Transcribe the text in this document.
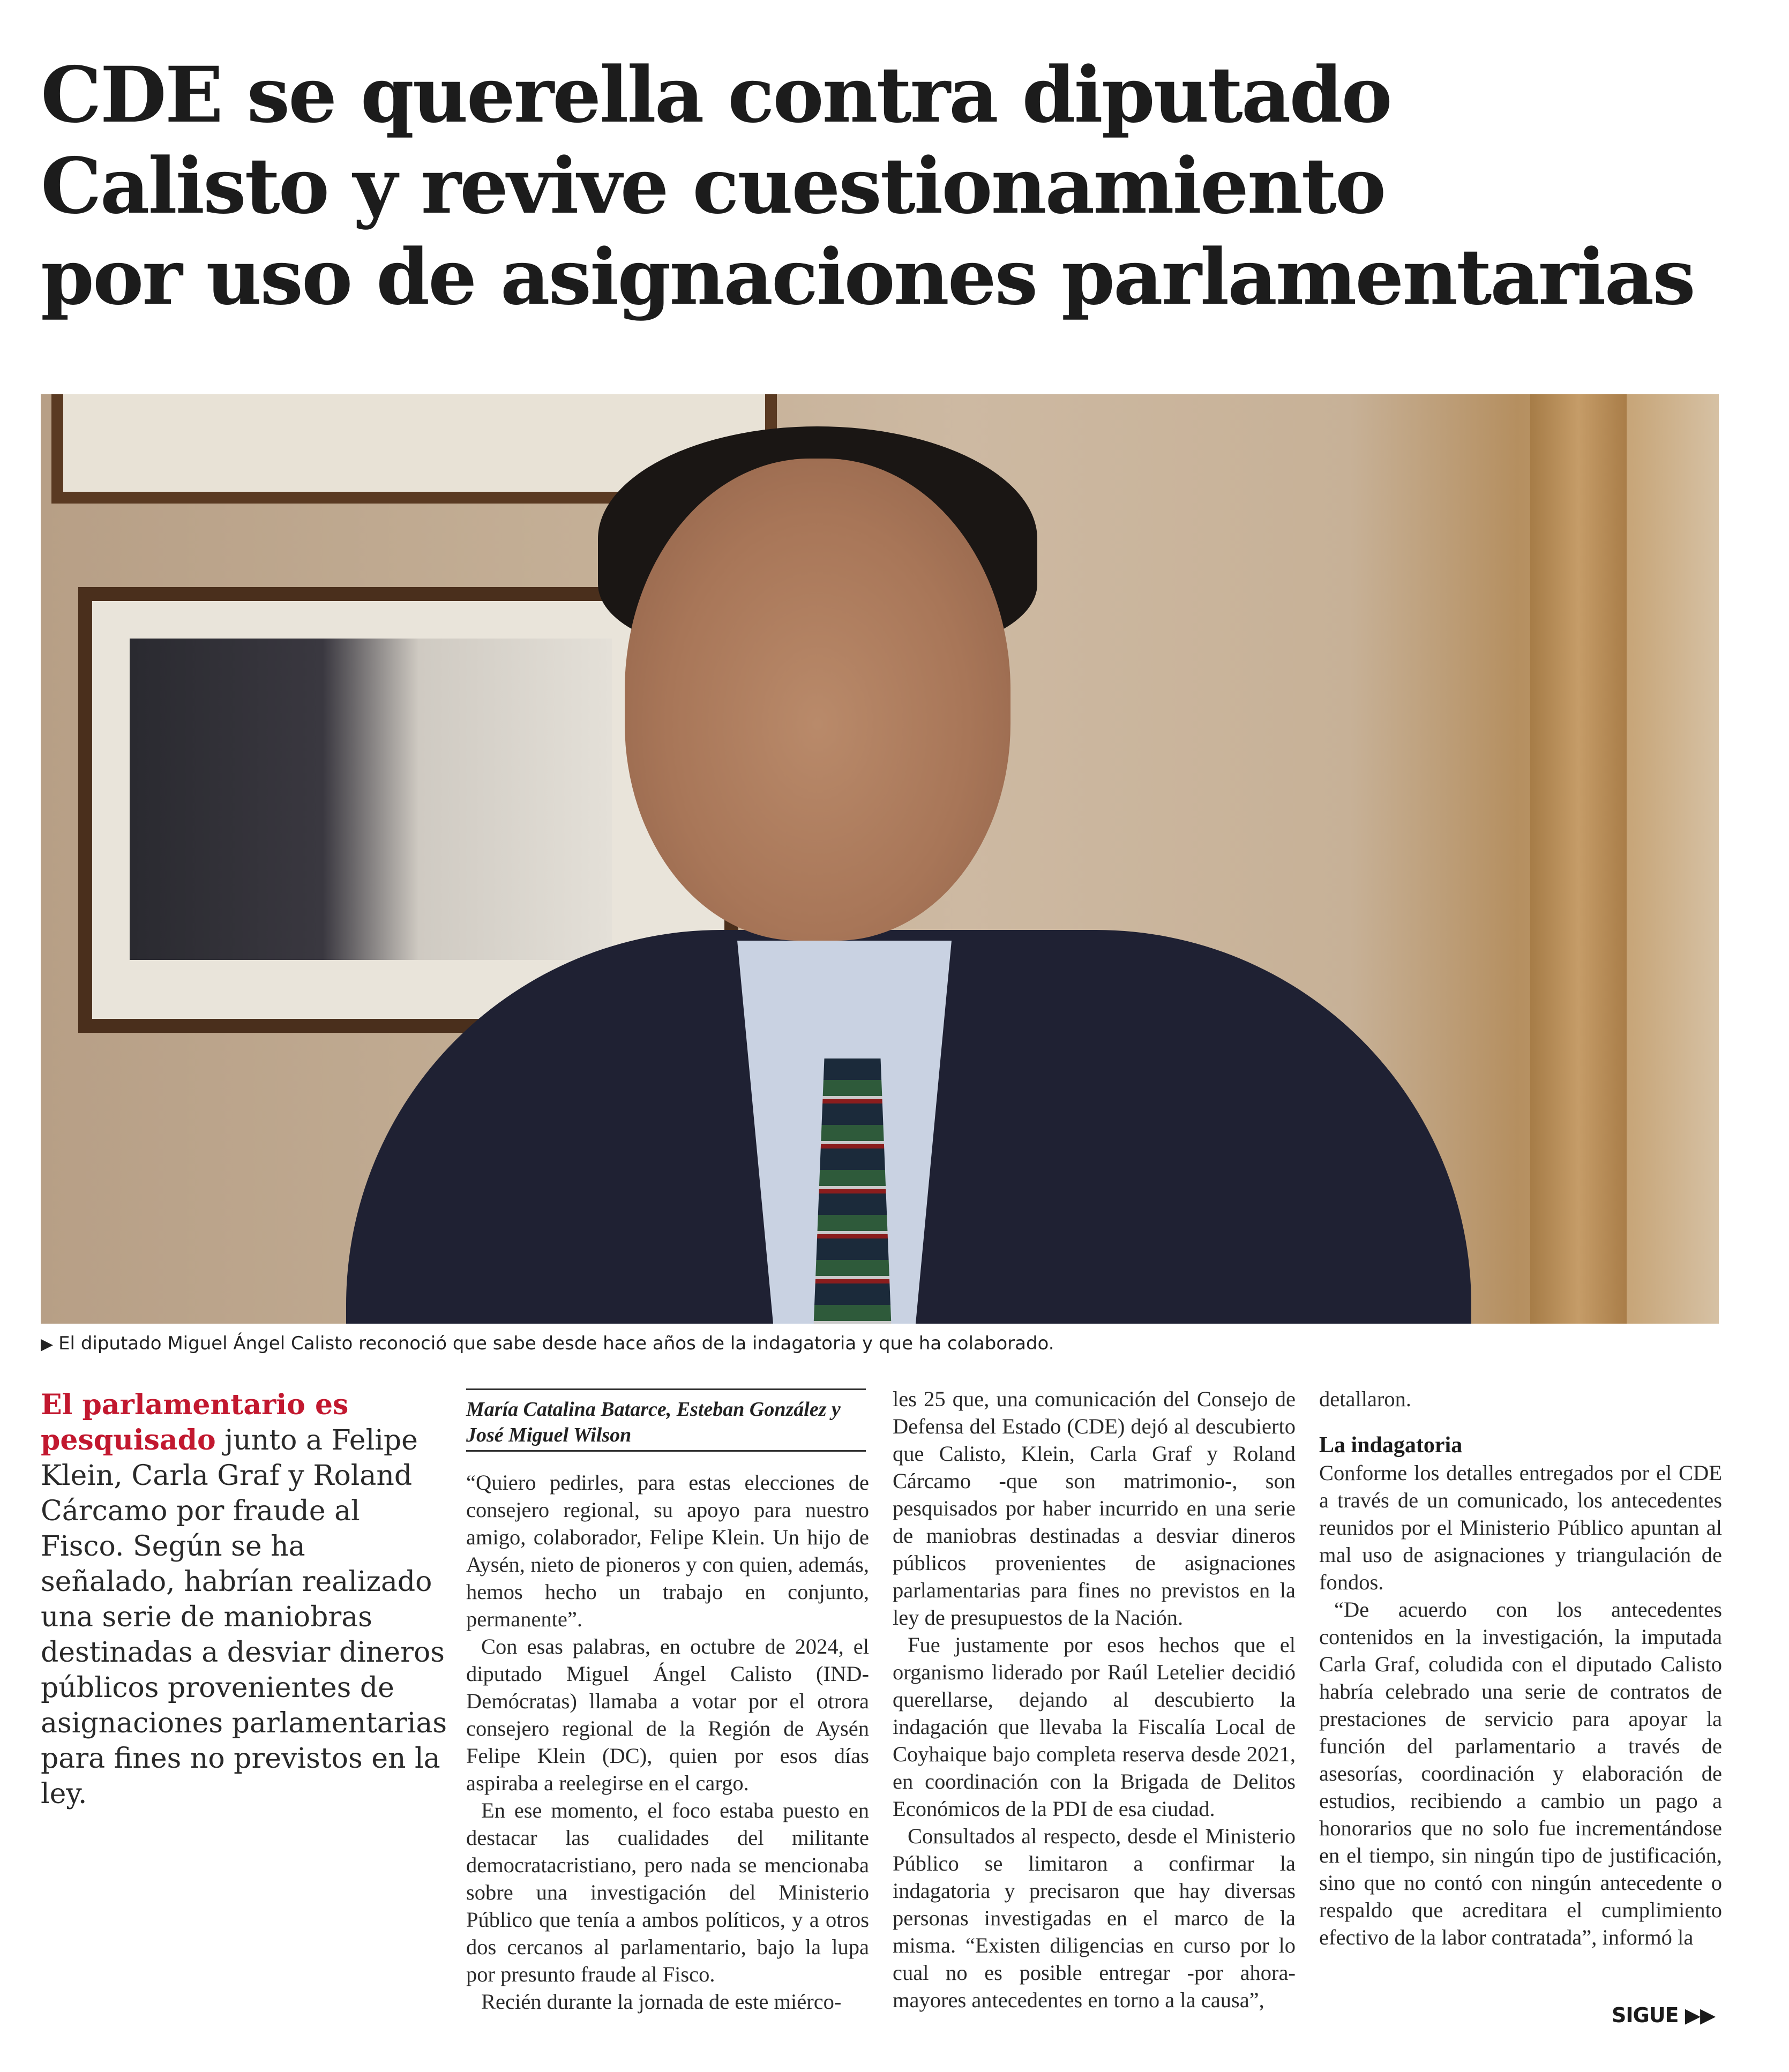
CDE se querella contra diputado
Calisto y revive cuestionamiento
por uso de asignaciones parlamentarias

▶ El diputado Miguel Ángel Calisto reconoció que sabe desde hace años de la indagatoria y que ha colaborado.

El parlamentario es pesquisado junto a Felipe Klein, Carla Graf y Roland Cárcamo por fraude al Fisco. Según se ha señalado, habrían realizado una serie de maniobras destinadas a desviar dineros públicos provenientes de asignaciones parlamentarias para fines no previstos en la ley.

María Catalina Batarce, Esteban González y José Miguel Wilson

“Quiero pedirles, para estas elecciones de consejero regional, su apoyo para nuestro amigo, colaborador, Felipe Klein. Un hijo de Aysén, nieto de pioneros y con quien, además, hemos hecho un trabajo en conjunto, permanente”.

Con esas palabras, en octubre de 2024, el diputado Miguel Ángel Calisto (IND-Demócratas) llamaba a votar por el otrora consejero regional de la Región de Aysén Felipe Klein (DC), quien por esos días aspiraba a reelegirse en el cargo.

En ese momento, el foco estaba puesto en destacar las cualidades del militante democratacristiano, pero nada se mencionaba sobre una investigación del Ministerio Público que tenía a ambos políticos, y a otros dos cercanos al parlamentario, bajo la lupa por presunto fraude al Fisco.

Recién durante la jornada de este miérco-

les 25 que, una comunicación del Consejo de Defensa del Estado (CDE) dejó al descubierto que Calisto, Klein, Carla Graf y Roland Cárcamo -que son matrimonio-, son pesquisados por haber incurrido en una serie de maniobras destinadas a desviar dineros públicos provenientes de asignaciones parlamentarias para fines no previstos en la ley de presupuestos de la Nación.

Fue justamente por esos hechos que el organismo liderado por Raúl Letelier decidió querellarse, dejando al descubierto la indagación que llevaba la Fiscalía Local de Coyhaique bajo completa reserva desde 2021, en coordinación con la Brigada de Delitos Económicos de la PDI de esa ciudad.

Consultados al respecto, desde el Ministerio Público se limitaron a confirmar la indagatoria y precisaron que hay diversas personas investigadas en el marco de la misma. “Existen diligencias en curso por lo cual no es posible entregar -por ahora- mayores antecedentes en torno a la causa”,

detallaron.

La indagatoria

Conforme los detalles entregados por el CDE a través de un comunicado, los antecedentes reunidos por el Ministerio Público apuntan al mal uso de asignaciones y triangulación de fondos.

“De acuerdo con los antecedentes contenidos en la investigación, la imputada Carla Graf, coludida con el diputado Calisto habría celebrado una serie de contratos de prestaciones de servicio para apoyar la función del parlamentario a través de asesorías, coordinación y elaboración de estudios, recibiendo a cambio un pago a honorarios que no solo fue incrementándose en el tiempo, sin ningún tipo de justificación, sino que no contó con ningún antecedente o respaldo que acreditara el cumplimiento efectivo de la labor contratada”, informó la

SIGUE ▶▶
